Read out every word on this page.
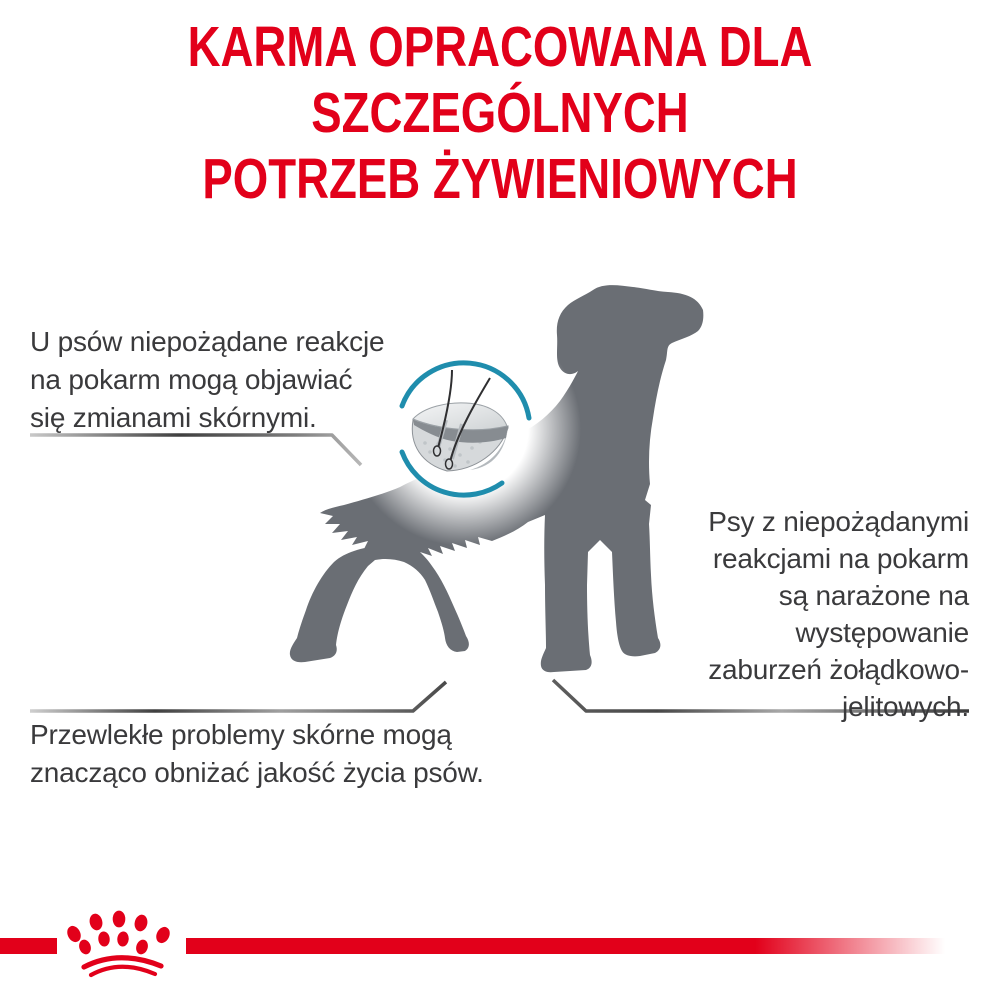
KARMA OPRACOWANA DLA SZCZEGÓLNYCH
POTRZEB ŻYWIENIOWYCH
U psów niepożądane reakcje
na pokarm mogą objawiać
się zmianami skórnymi.
Psy z niepożądanymi
reakcjami na pokarm
są narażone na
występowanie
zaburzeń żołądkowo-
jelitowych.
Przewlekłe problemy skórne mogą
znacząco obniżać jakość życia psów.
